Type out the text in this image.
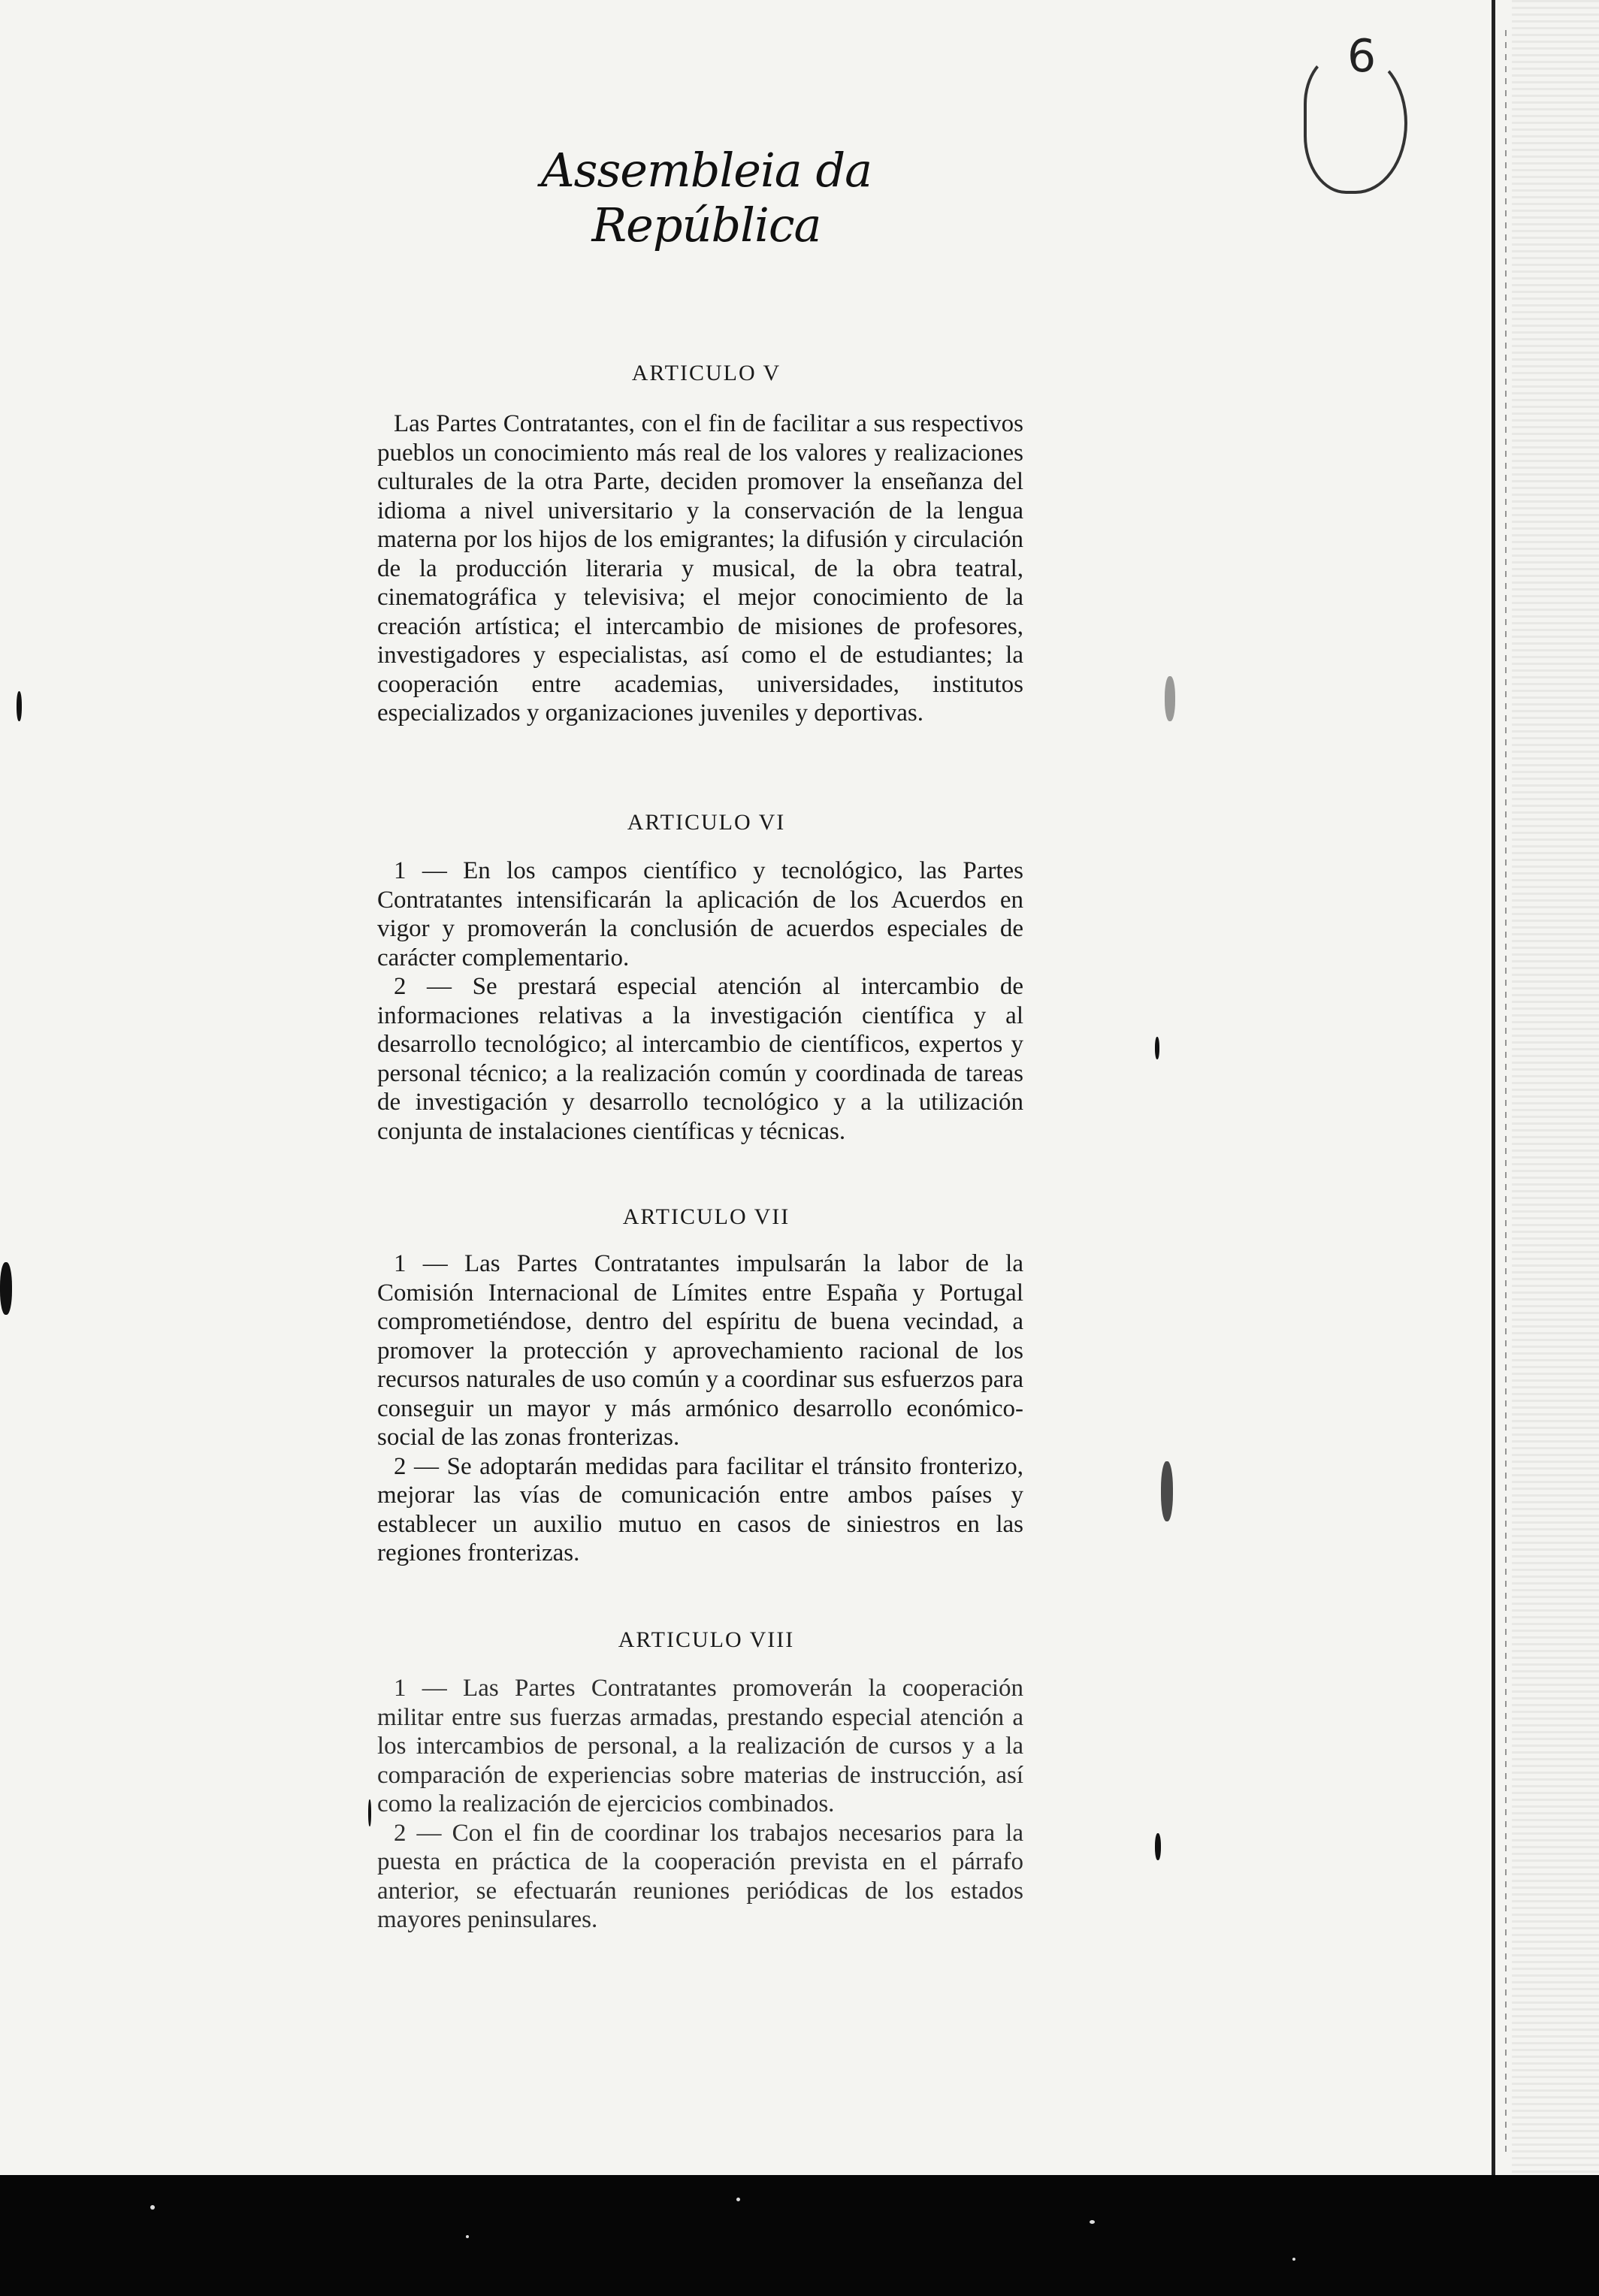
Assembleia da República
6
ARTICULO V

Las Partes Contratantes, con el fin de facilitar a sus respectivos pueblos un conocimiento más real de los valores y realizaciones culturales de la otra Parte, deciden promover la enseñanza del idioma a nivel universitario y la conservación de la lengua materna por los hijos de los emigrantes; la difusión y circulación de la producción literaria y musical, de la obra teatral, cinematográfica y televisiva; el mejor conocimiento de la creación artística; el intercambio de misiones de profesores, investigadores y especialistas, así como el de estudiantes; la cooperación entre academias, universidades, institutos especializados y organizaciones juveniles y deportivas.

ARTICULO VI

1 — En los campos científico y tecnológico, las Partes Contratantes intensificarán la aplicación de los Acuerdos en vigor y promoverán la conclusión de acuerdos especiales de carácter complementario.

2 — Se prestará especial atención al intercambio de informaciones relativas a la investigación científica y al desarrollo tecnológico; al intercambio de científicos, expertos y personal técnico; a la realización común y coordinada de tareas de investigación y desarrollo tecnológico y a la utilización conjunta de instalaciones científicas y técnicas.

ARTICULO VII

1 — Las Partes Contratantes impulsarán la labor de la Comisión Internacional de Límites entre España y Portugal comprometiéndose, dentro del espíritu de buena vecindad, a promover la protección y aprovechamiento racional de los recursos naturales de uso común y a coordinar sus esfuerzos para conseguir un mayor y más armónico desarrollo económico-social de las zonas fronterizas.

2 — Se adoptarán medidas para facilitar el tránsito fronterizo, mejorar las vías de comunicación entre ambos países y establecer un auxilio mutuo en casos de siniestros en las regiones fronterizas.

ARTICULO VIII

1 — Las Partes Contratantes promoverán la cooperación militar entre sus fuerzas armadas, prestando especial atención a los intercambios de personal, a la realización de cursos y a la comparación de experiencias sobre materias de instrucción, así como la realización de ejercicios combinados.

2 — Con el fin de coordinar los trabajos necesarios para la puesta en práctica de la cooperación prevista en el párrafo anterior, se efectuarán reuniones periódicas de los estados mayores peninsulares.
